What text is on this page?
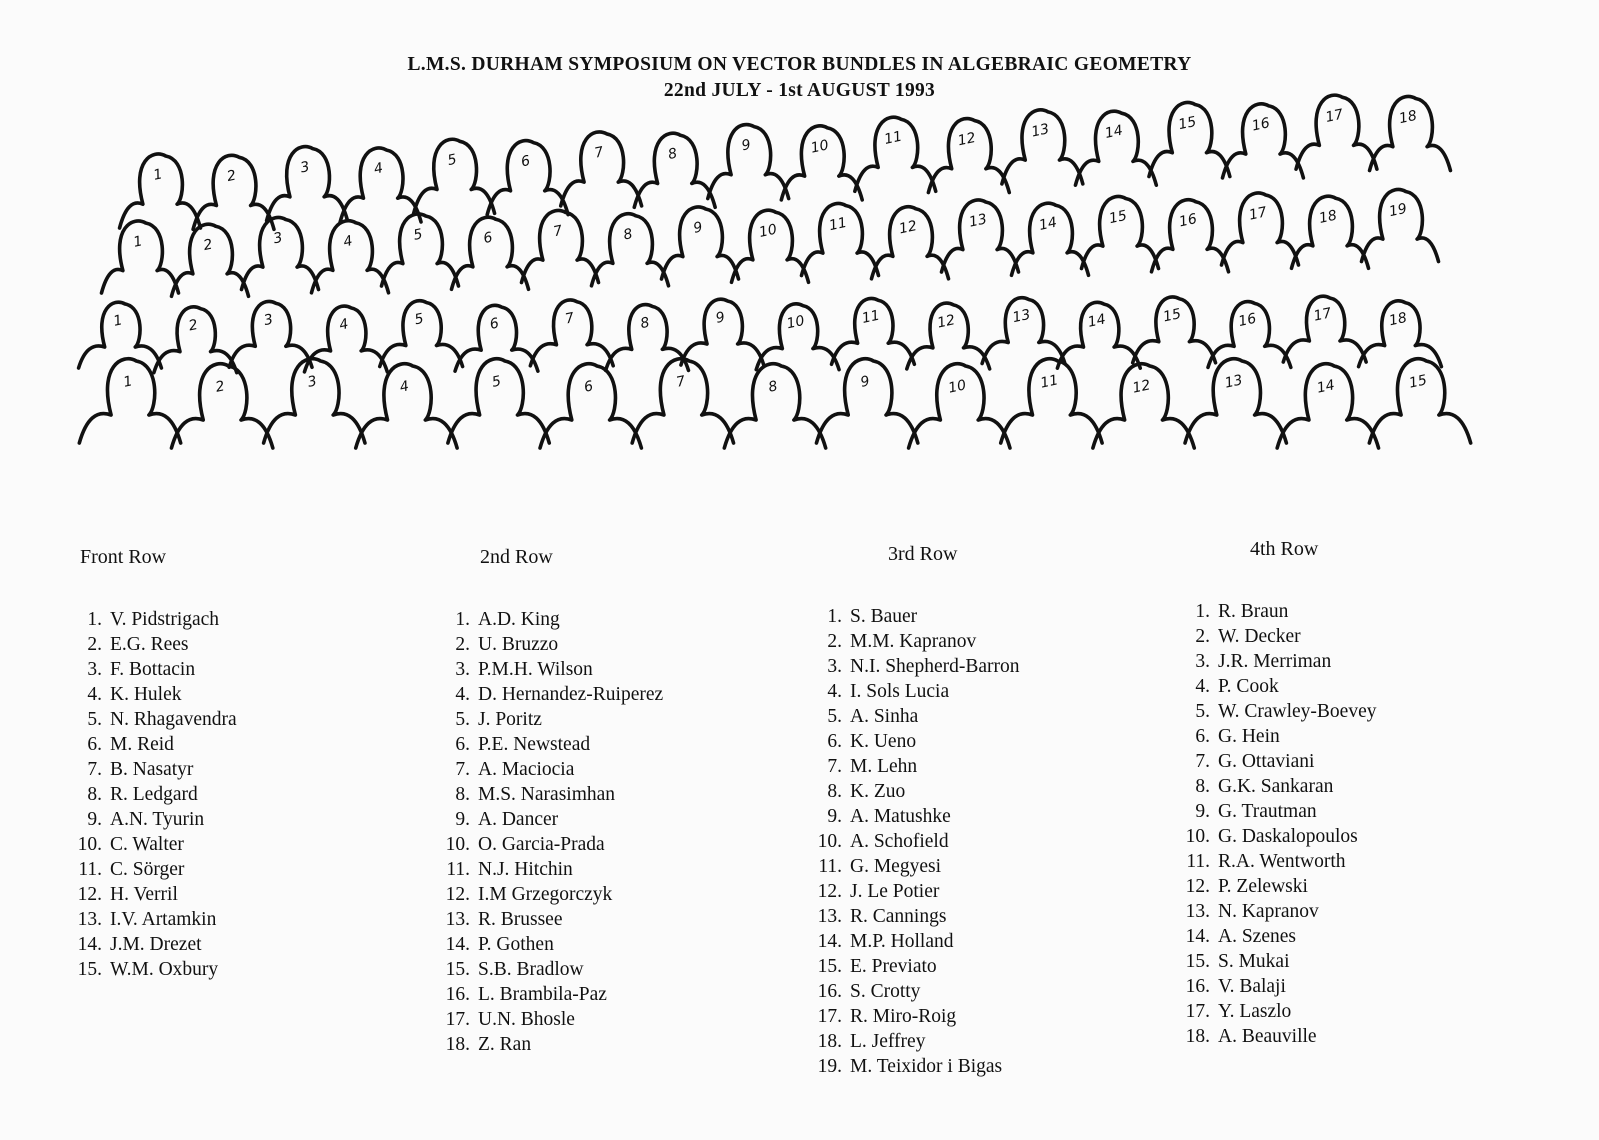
L.M.S. DURHAM SYMPOSIUM ON VECTOR BUNDLES IN ALGEBRAIC GEOMETRY
22nd JULY - 1st AUGUST 1993
1	2	3	4	5	6	7	8	9	10	11	12	13	14	15	16	17	18
1	2	3	4	5	6	7	8	9	10	11	12	13	14	15	16	17	18	19
1	2	3	4	5	6	7	8	9	10	11	12	13	14	15	16	17	18
1	2	3	4	5	6	7	8	9	10	11	12	13	14	15
Front Row
1. V. Pidstrigach
2. E.G. Rees
3. F. Bottacin
4. K. Hulek
5. N. Rhagavendra
6. M. Reid
7. B. Nasatyr
8. R. Ledgard
9. A.N. Tyurin
10. C. Walter
11. C. Sörger
12. H. Verril
13. I.V. Artamkin
14. J.M. Drezet
15. W.M. Oxbury
2nd Row
1. A.D. King
2. U. Bruzzo
3. P.M.H. Wilson
4. D. Hernandez-Ruiperez
5. J. Poritz
6. P.E. Newstead
7. A. Maciocia
8. M.S. Narasimhan
9. A. Dancer
10. O. Garcia-Prada
11. N.J. Hitchin
12. I.M Grzegorczyk
13. R. Brussee
14. P. Gothen
15. S.B. Bradlow
16. L. Brambila-Paz
17. U.N. Bhosle
18. Z. Ran
3rd Row
1. S. Bauer
2. M.M. Kapranov
3. N.I. Shepherd-Barron
4. I. Sols Lucia
5. A. Sinha
6. K. Ueno
7. M. Lehn
8. K. Zuo
9. A. Matushke
10. A. Schofield
11. G. Megyesi
12. J. Le Potier
13. R. Cannings
14. M.P. Holland
15. E. Previato
16. S. Crotty
17. R. Miro-Roig
18. L. Jeffrey
19. M. Teixidor i Bigas
4th Row
1. R. Braun
2. W. Decker
3. J.R. Merriman
4. P. Cook
5. W. Crawley-Boevey
6. G. Hein
7. G. Ottaviani
8. G.K. Sankaran
9. G. Trautman
10. G. Daskalopoulos
11. R.A. Wentworth
12. P. Zelewski
13. N. Kapranov
14. A. Szenes
15. S. Mukai
16. V. Balaji
17. Y. Laszlo
18. A. Beauville
